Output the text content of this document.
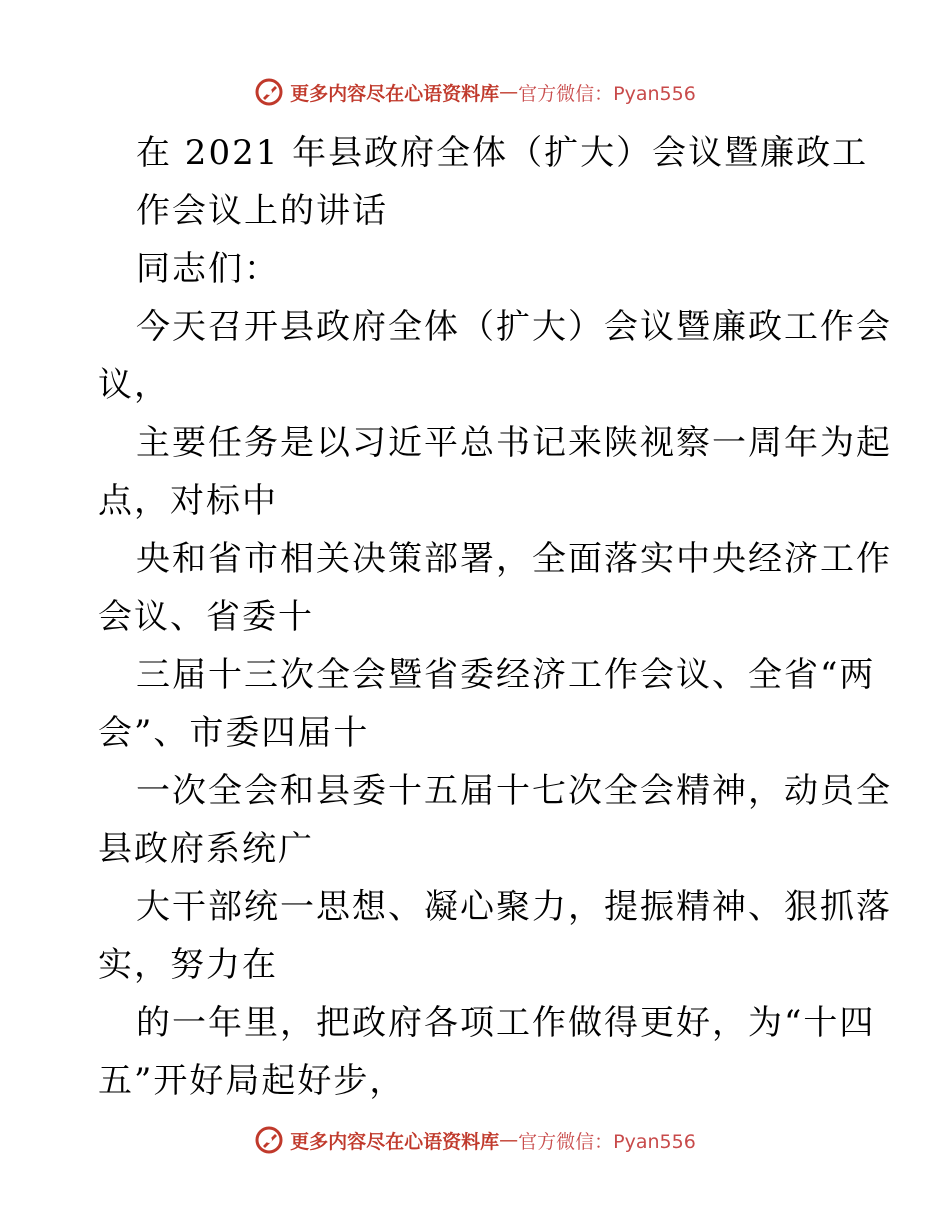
更多内容尽在心语资料库 — 官方微信：Pyan556
在 2021 年县政府全体（扩大）会议暨廉政工
作会议上的讲话
同志们：
今天召开县政府全体（扩大）会议暨廉政工作会
议，
主要任务是以习近平总书记来陕视察一周年为起
点，对标中
央和省市相关决策部署，全面落实中央经济工作
会议、省委十
三届十三次全会暨省委经济工作会议、全省“两
会”、市委四届十
一次全会和县委十五届十七次全会精神，动员全
县政府系统广
大干部统一思想、凝心聚力，提振精神、狠抓落
实，努力在
的一年里，把政府各项工作做得更好，为“十四
五”开好局起好步，
更多内容尽在心语资料库 — 官方微信：Pyan556
